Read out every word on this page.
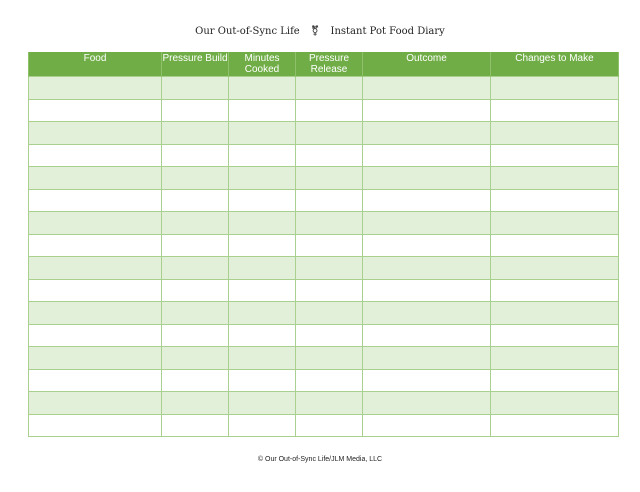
Our Out-of-Sync Life ⚧ Instant Pot Food Diary
Food	Pressure Build	Minutes Cooked	Pressure Release	Outcome	Changes to Make

© Our Out-of-Sync Life/JLM Media, LLC
